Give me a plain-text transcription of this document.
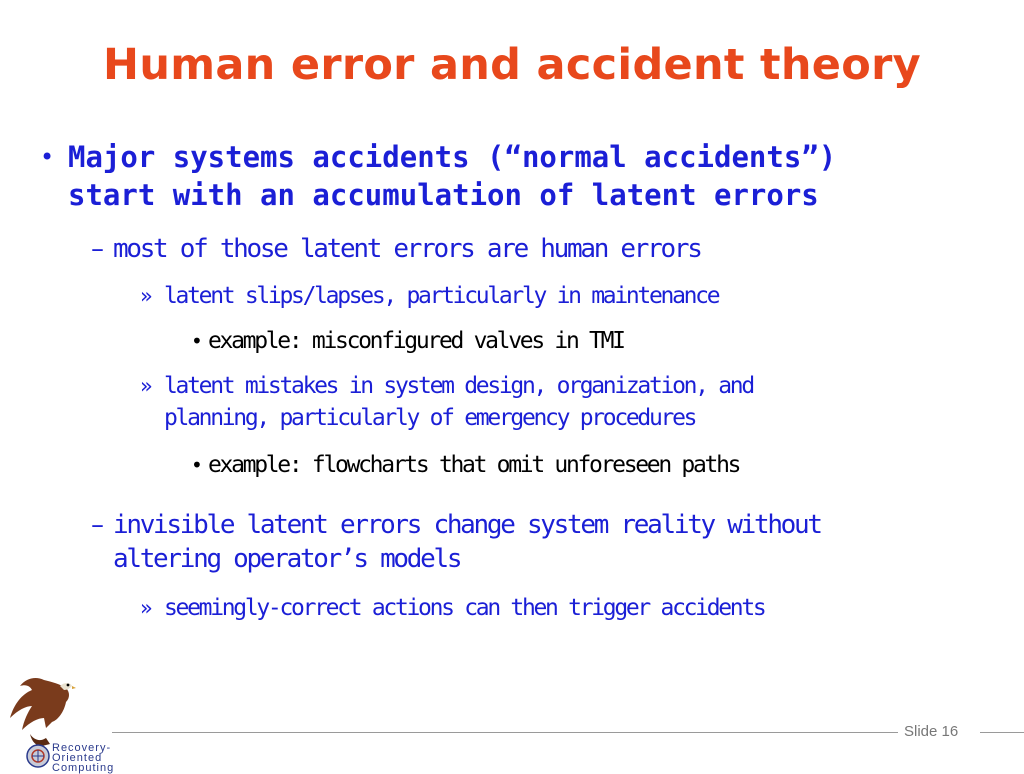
Human error and accident theory
• Major systems accidents (“normal accidents”)
start with an accumulation of latent errors
– most of those latent errors are human errors
» latent slips/lapses, particularly in maintenance
• example: misconfigured valves in TMI
» latent mistakes in system design, organization, and
planning, particularly of emergency procedures
• example: flowcharts that omit unforeseen paths
– invisible latent errors change system reality without
altering operator’s models
» seemingly-correct actions can then trigger accidents
Slide 16
Recovery-
Oriented
Computing
